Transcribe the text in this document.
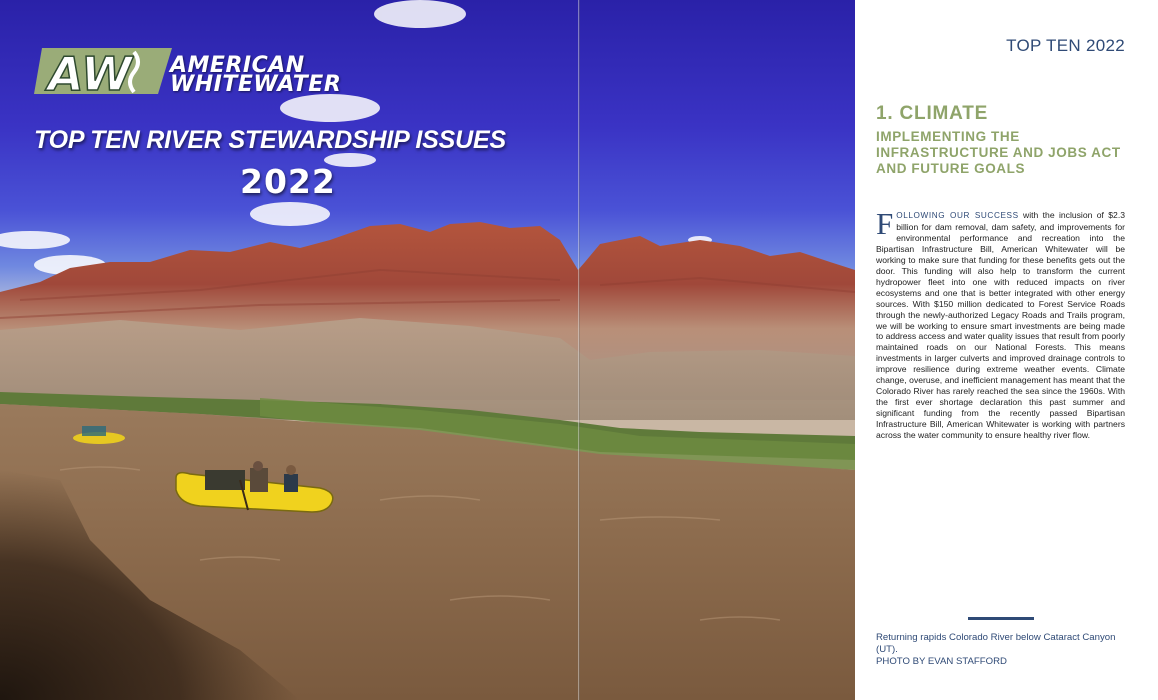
AW AMERICAN
WHITEWATER
TOP TEN RIVER STEWARDSHIP ISSUES
2022
TOP TEN 2022
1. CLIMATE
IMPLEMENTING THE INFRASTRUCTURE AND JOBS ACT AND FUTURE GOALS
FOLLOWING OUR SUCCESS with the inclusion of $2.3 billion for dam removal, dam safety, and improvements for environmental performance and recreation into the Bipartisan Infrastructure Bill, American Whitewater will be working to make sure that funding for these benefits gets out the door. This funding will also help to transform the current hydropower fleet into one with reduced impacts on river ecosystems and one that is better integrated with other energy sources. With $150 million dedicated to Forest Service Roads through the newly-authorized Legacy Roads and Trails program, we will be working to ensure smart investments are being made to address access and water quality issues that result from poorly maintained roads on our National Forests. This means investments in larger culverts and improved drainage controls to improve resilience during extreme weather events. Climate change, overuse, and inefficient management has meant that the Colorado River has rarely reached the sea since the 1960s. With the first ever shortage declaration this past summer and significant funding from the recently passed Bipartisan Infrastructure Bill, American Whitewater is working with partners across the water community to ensure healthy river flow.
Returning rapids Colorado River below Cataract Canyon (UT).
PHOTO BY EVAN STAFFORD
